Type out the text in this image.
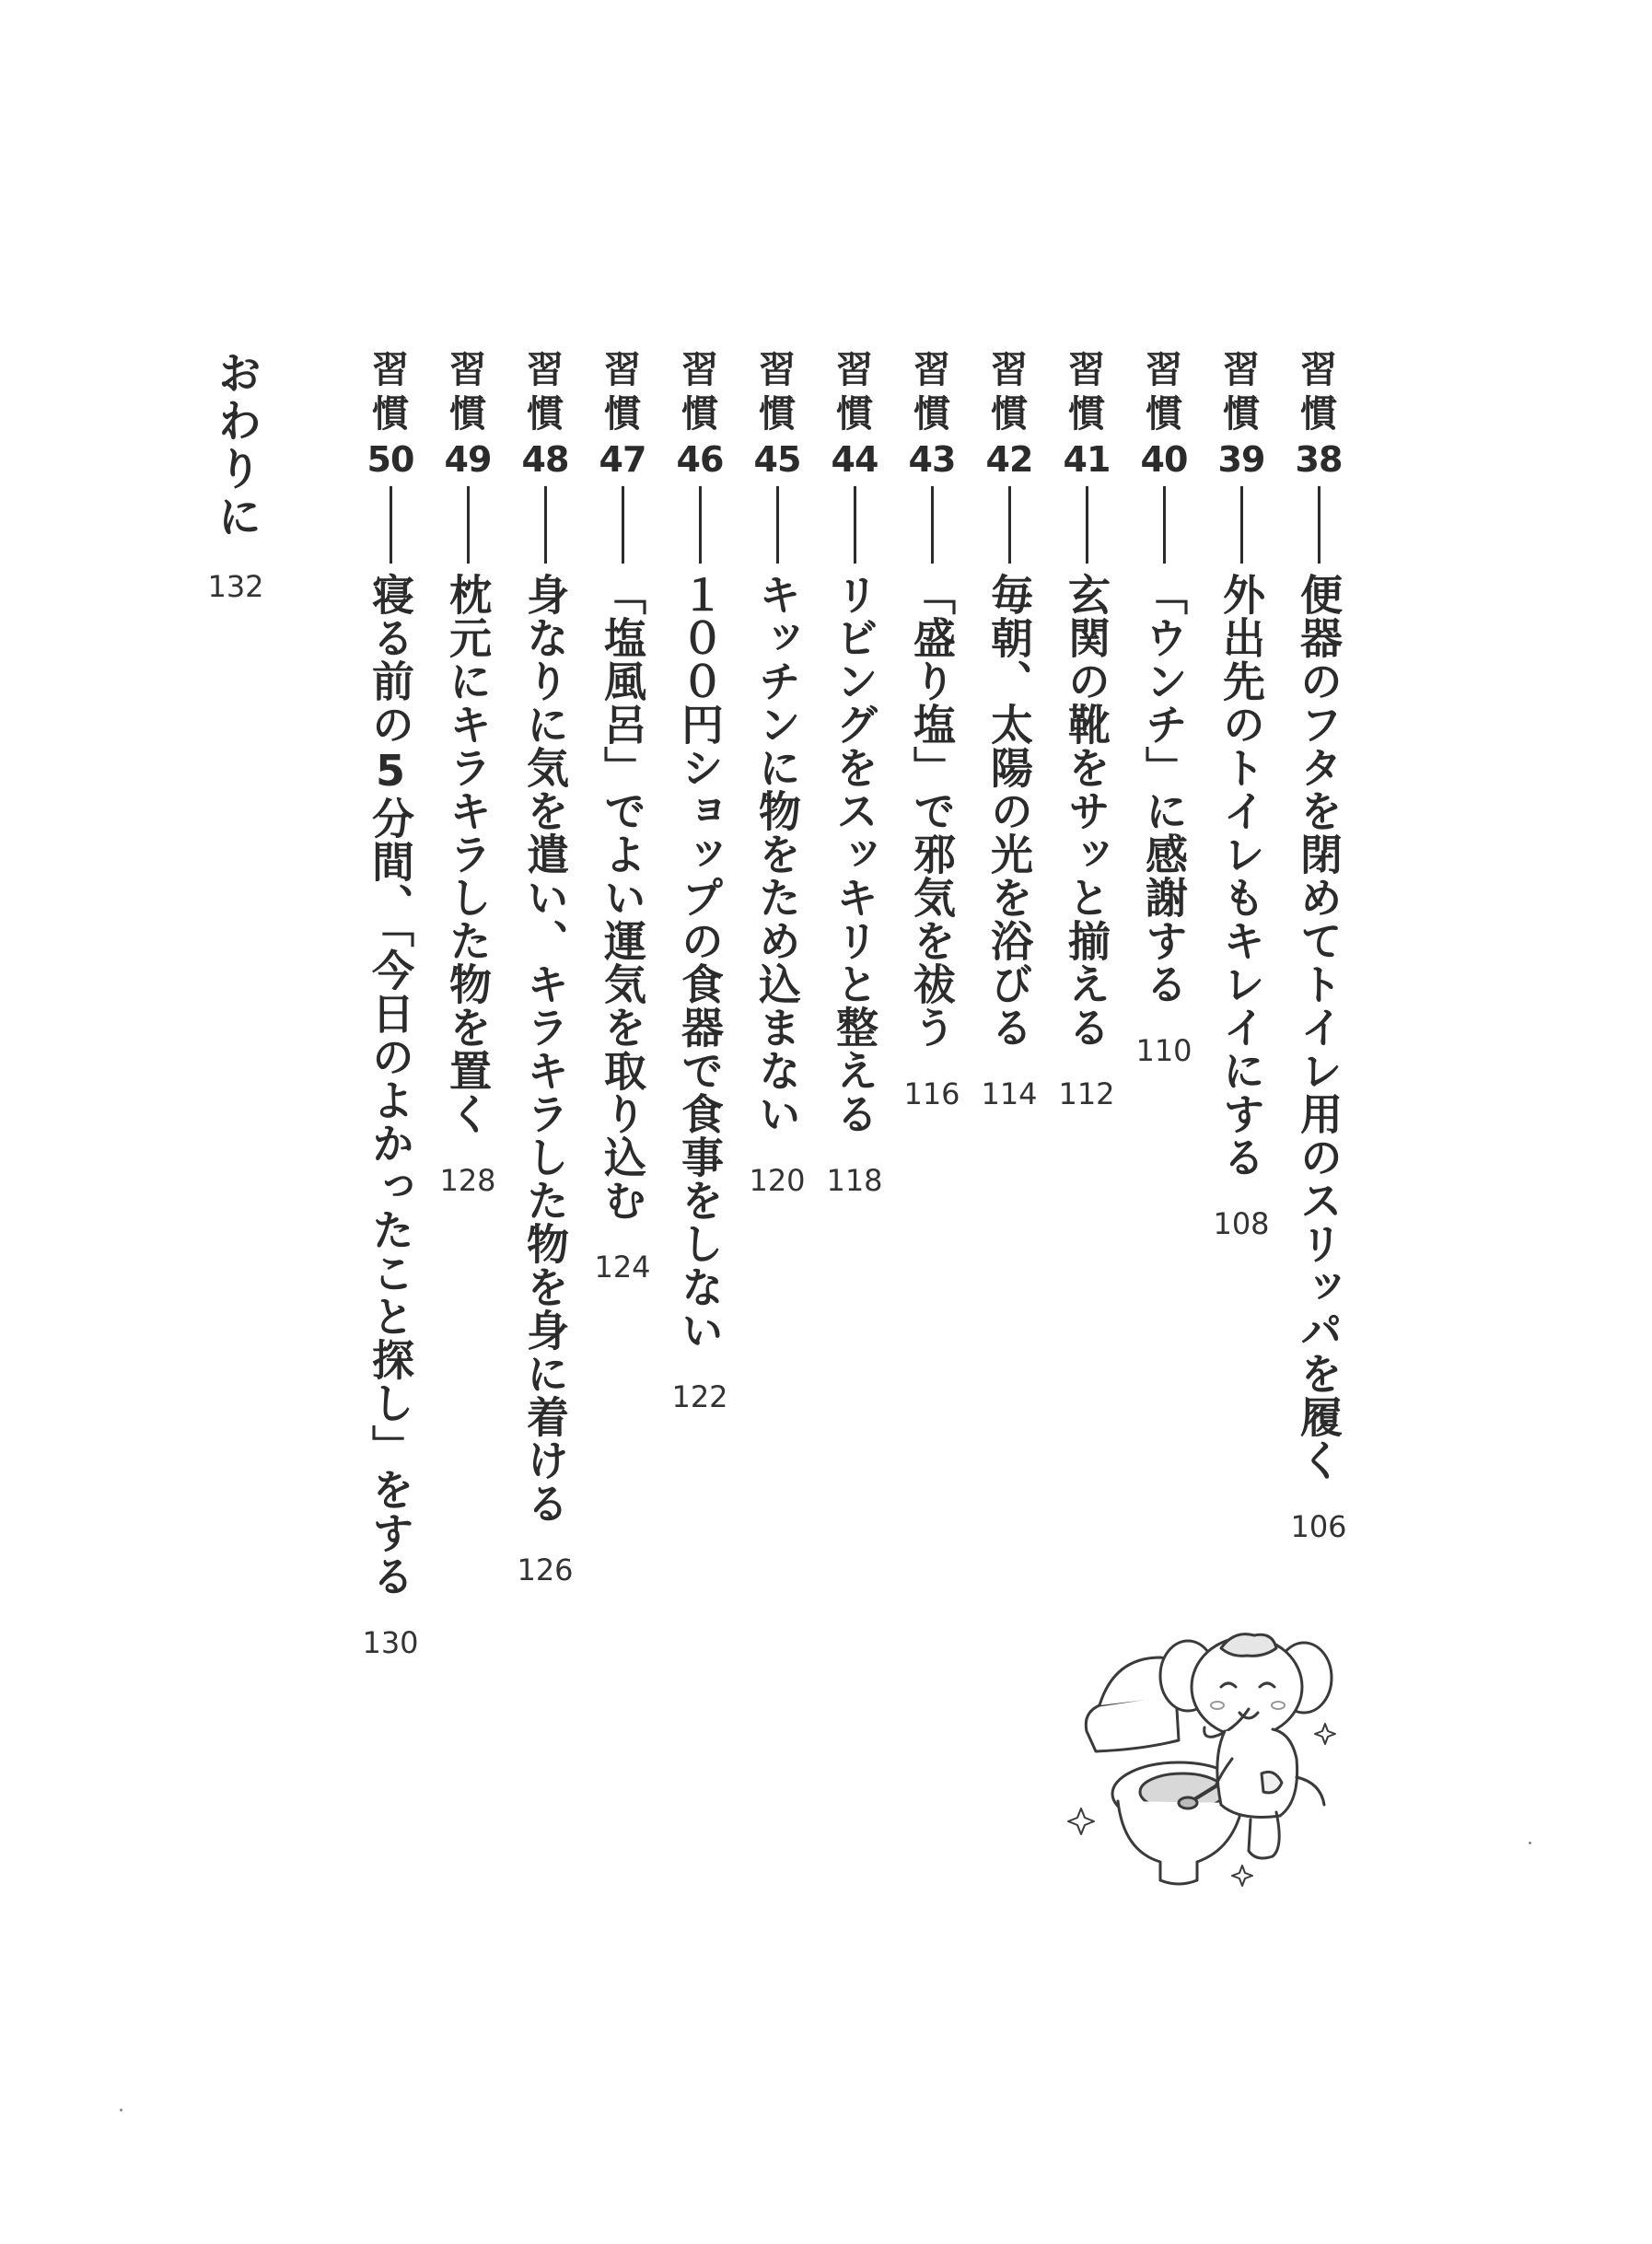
習慣
38
便器のフタを閉めてトイレ用のスリッパを履く
106
習慣
39
外出先のトイレもキレイにする
108
習慣
40
「ウンチ」に感謝する
110
習慣
41
玄関の靴をサッと揃える
112
習慣
42
毎朝、太陽の光を浴びる
114
習慣
43
「盛り塩」で邪気を祓う
116
習慣
44
リビングをスッキリと整える
118
習慣
45
キッチンに物をため込まない
120
習慣
46
１００円ショップの食器で食事をしない
122
習慣
47
「塩風呂」でよい運気を取り込む
124
習慣
48
身なりに気を遣い、キラキラした物を身に着ける
126
習慣
49
枕元にキラキラした物を置く
128
習慣
50
寝る前の5分間、「今日のよかったこと探し」をする
130
おわりに
132
